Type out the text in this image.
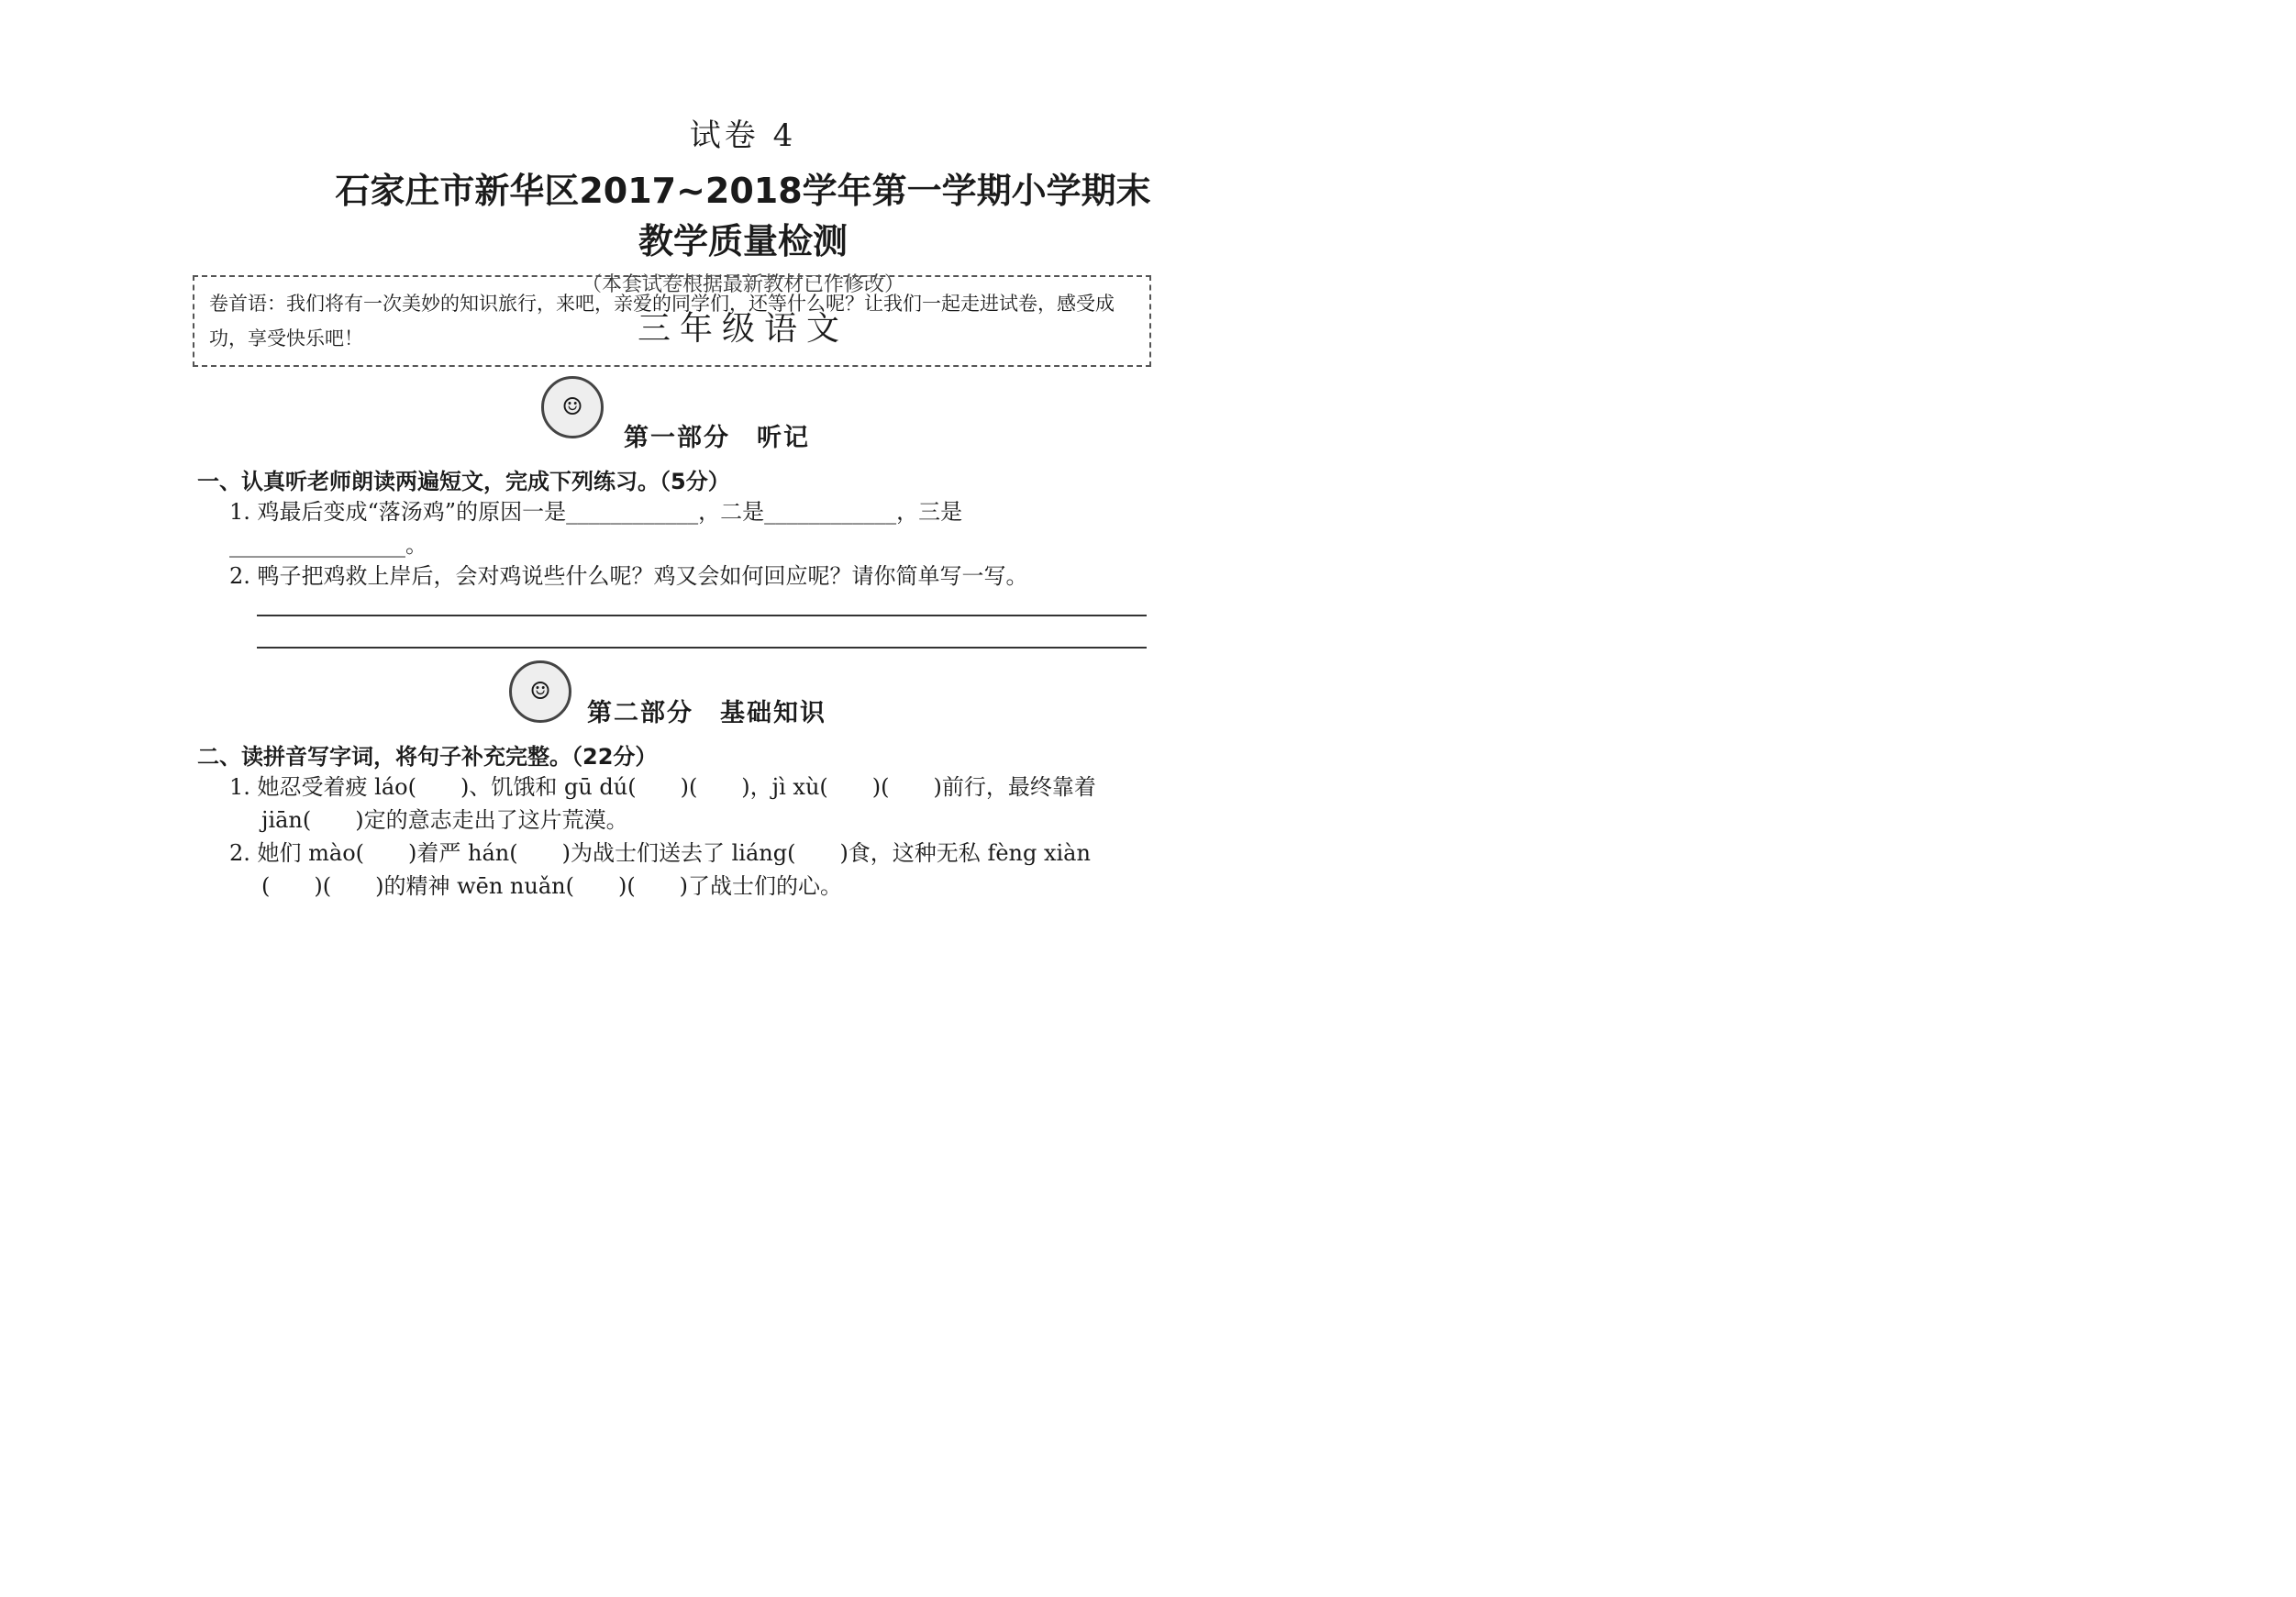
试卷 4
石家庄市新华区2017~2018学年第一学期小学期末教学质量检测
（本套试卷根据最新教材已作修改）
三年级语文
卷首语：我们将有一次美妙的知识旅行，来吧，亲爱的同学们，还等什么呢？让我们一起走进试卷，感受成功，享受快乐吧！
☺
第一部分　听记
一、认真听老师朗读两遍短文，完成下列练习。（5分）
1. 鸡最后变成“落汤鸡”的原因一是____________，二是____________，三是________________。
2. 鸭子把鸡救上岸后，会对鸡说些什么呢？鸡又会如何回应呢？请你简单写一写。
☺
第二部分　基础知识
二、读拼音写字词，将句子补充完整。（22分）
1. 她忍受着疲 láo(　　)、饥饿和 gū dú(　　)(　　)，jì xù(　　)(　　)前行，最终靠着
jiān(　　)定的意志走出了这片荒漠。
2. 她们 mào(　　)着严 hán(　　)为战士们送去了 liáng(　　)食，这种无私 fèng xiàn
(　　)(　　)的精神 wēn nuǎn(　　)(　　)了战士们的心。
